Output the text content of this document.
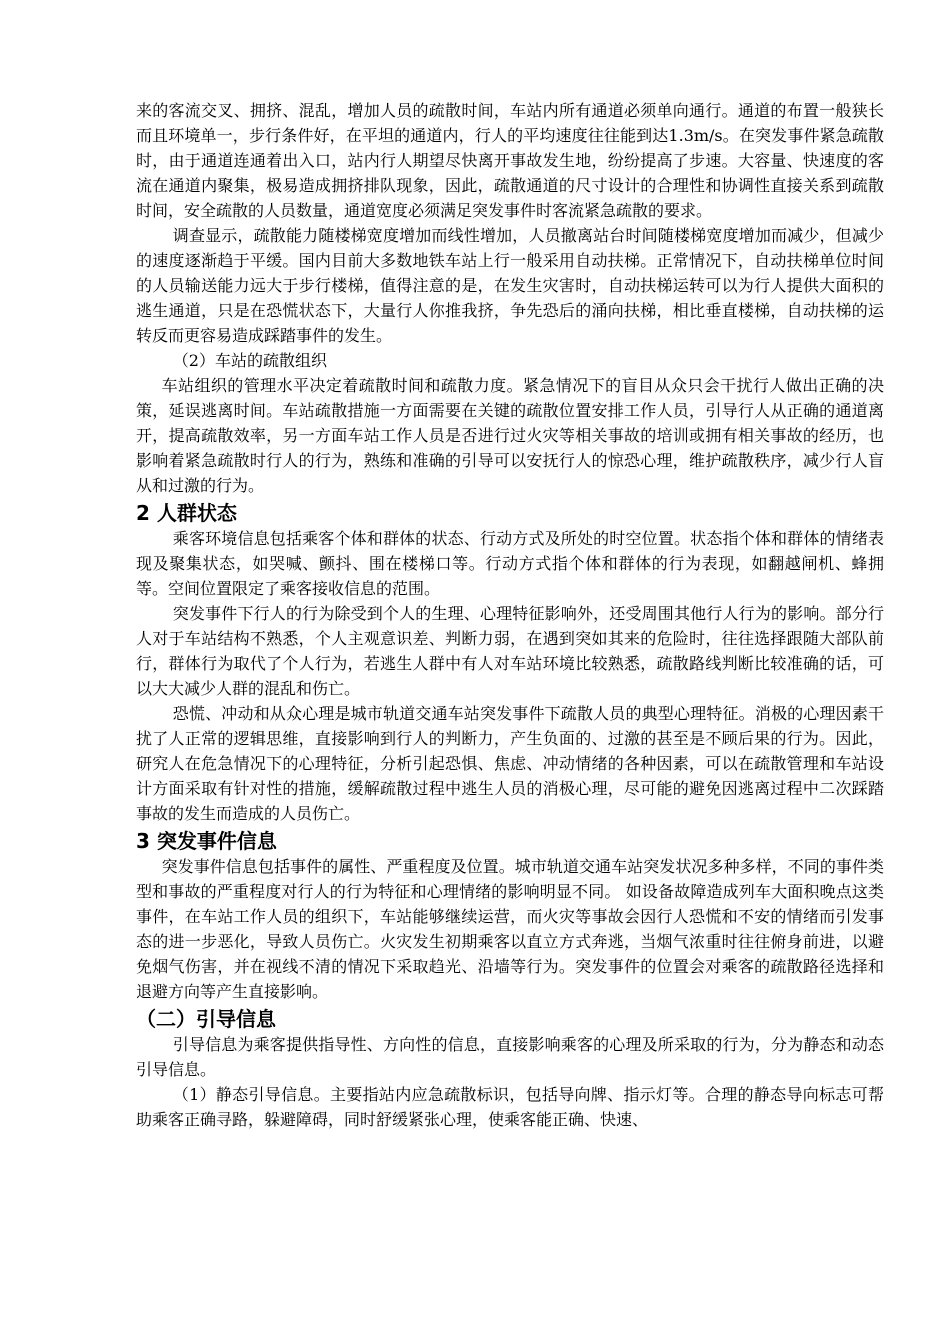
来的客流交叉、拥挤、混乱，增加人员的疏散时间，车站内所有通道必须单向通行。通道的布置一般狭长而且环境单一，步行条件好，在平坦的通道内，行人的平均速度往往能到达1.3m/s。在突发事件紧急疏散时，由于通道连通着出入口，站内行人期望尽快离开事故发生地，纷纷提高了步速。大容量、快速度的客流在通道内聚集，极易造成拥挤排队现象，因此，疏散通道的尺寸设计的合理性和协调性直接关系到疏散时间，安全疏散的人员数量，通道宽度必须满足突发事件时客流紧急疏散的要求。

调查显示，疏散能力随楼梯宽度增加而线性增加，人员撤离站台时间随楼梯宽度增加而减少，但减少的速度逐渐趋于平缓。国内目前大多数地铁车站上行一般采用自动扶梯。正常情况下，自动扶梯单位时间的人员输送能力远大于步行楼梯，值得注意的是，在发生灾害时，自动扶梯运转可以为行人提供大面积的逃生通道，只是在恐慌状态下，大量行人你推我挤，争先恐后的涌向扶梯，相比垂直楼梯，自动扶梯的运转反而更容易造成踩踏事件的发生。

（2）车站的疏散组织

车站组织的管理水平决定着疏散时间和疏散力度。紧急情况下的盲目从众只会干扰行人做出正确的决策，延误逃离时间。车站疏散措施一方面需要在关键的疏散位置安排工作人员，引导行人从正确的通道离开，提高疏散效率，另一方面车站工作人员是否进行过火灾等相关事故的培训或拥有相关事故的经历，也影响着紧急疏散时行人的行为，熟练和准确的引导可以安抚行人的惊恐心理，维护疏散秩序，减少行人盲从和过激的行为。

2 人群状态

乘客环境信息包括乘客个体和群体的状态、行动方式及所处的时空位置。状态指个体和群体的情绪表现及聚集状态，如哭喊、颤抖、围在楼梯口等。行动方式指个体和群体的行为表现，如翻越闸机、蜂拥等。空间位置限定了乘客接收信息的范围。

突发事件下行人的行为除受到个人的生理、心理特征影响外，还受周围其他行人行为的影响。部分行人对于车站结构不熟悉，个人主观意识差、判断力弱，在遇到突如其来的危险时，往往选择跟随大部队前行，群体行为取代了个人行为，若逃生人群中有人对车站环境比较熟悉，疏散路线判断比较准确的话，可以大大减少人群的混乱和伤亡。

恐慌、冲动和从众心理是城市轨道交通车站突发事件下疏散人员的典型心理特征。消极的心理因素干扰了人正常的逻辑思维，直接影响到行人的判断力，产生负面的、过激的甚至是不顾后果的行为。因此，研究人在危急情况下的心理特征，分析引起恐惧、焦虑、冲动情绪的各种因素，可以在疏散管理和车站设计方面采取有针对性的措施，缓解疏散过程中逃生人员的消极心理，尽可能的避免因逃离过程中二次踩踏事故的发生而造成的人员伤亡。

3 突发事件信息

突发事件信息包括事件的属性、严重程度及位置。城市轨道交通车站突发状况多种多样，不同的事件类型和事故的严重程度对行人的行为特征和心理情绪的影响明显不同。 如设备故障造成列车大面积晚点这类事件，在车站工作人员的组织下，车站能够继续运营，而火灾等事故会因行人恐慌和不安的情绪而引发事态的进一步恶化，导致人员伤亡。火灾发生初期乘客以直立方式奔逃，当烟气浓重时往往俯身前进，以避免烟气伤害，并在视线不清的情况下采取趋光、沿墙等行为。突发事件的位置会对乘客的疏散路径选择和退避方向等产生直接影响。

（二）引导信息

引导信息为乘客提供指导性、方向性的信息，直接影响乘客的心理及所采取的行为，分为静态和动态引导信息。

（1）静态引导信息。主要指站内应急疏散标识，包括导向牌、指示灯等。合理的静态导向标志可帮助乘客正确寻路，躲避障碍，同时舒缓紧张心理，使乘客能正确、快速、
